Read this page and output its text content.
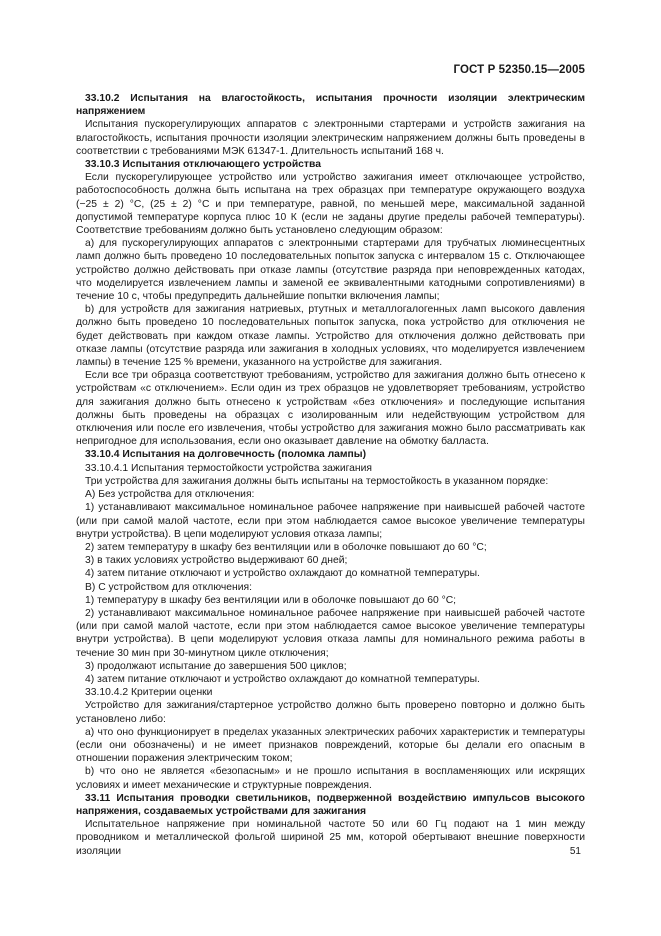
ГОСТ Р 52350.15—2005

33.10.2 Испытания на влагостойкость, испытания прочности изоляции электрическим напряжением

Испытания пускорегулирующих аппаратов с электронными стартерами и устройств зажигания на влагостойкость, испытания прочности изоляции электрическим напряжением должны быть проведены в соответствии с требованиями МЭК 61347-1. Длительность испытаний 168 ч.

33.10.3 Испытания отключающего устройства

Если пускорегулирующее устройство или устройство зажигания имеет отключающее устройство, работоспособность должна быть испытана на трех образцах при температуре окружающего воздуха (−25 ± 2) °С, (25 ± 2) °С и при температуре, равной, по меньшей мере, максимальной заданной допустимой температуре корпуса плюс 10 К (если не заданы другие пределы рабочей температуры). Соответствие требованиям должно быть установлено следующим образом:

а) для пускорегулирующих аппаратов с электронными стартерами для трубчатых люминесцентных ламп должно быть проведено 10 последовательных попыток запуска с интервалом 15 с. Отключающее устройство должно действовать при отказе лампы (отсутствие разряда при неповрежденных катодах, что моделируется извлечением лампы и заменой ее эквивалентными катодными сопротивлениями) в течение 10 с, чтобы предупредить дальнейшие попытки включения лампы;

b) для устройств для зажигания натриевых, ртутных и металлогалогенных ламп высокого давления должно быть проведено 10 последовательных попыток запуска, пока устройство для отключения не будет действовать при каждом отказе лампы. Устройство для отключения должно действовать при отказе лампы (отсутствие разряда или зажигания в холодных условиях, что моделируется извлечением лампы) в течение 125 % времени, указанного на устройстве для зажигания.

Если все три образца соответствуют требованиям, устройство для зажигания должно быть отнесено к устройствам «с отключением». Если один из трех образцов не удовлетворяет требованиям, устройство для зажигания должно быть отнесено к устройствам «без отключения» и последующие испытания должны быть проведены на образцах с изолированным или недействующим устройством для отключения или после его извлечения, чтобы устройство для зажигания можно было рассматривать как непригодное для использования, если оно оказывает давление на обмотку балласта.

33.10.4 Испытания на долговечность (поломка лампы)

33.10.4.1 Испытания термостойкости устройства зажигания

Три устройства для зажигания должны быть испытаны на термостойкость в указанном порядке:

А) Без устройства для отключения:

1) устанавливают максимальное номинальное рабочее напряжение при наивысшей рабочей частоте (или при самой малой частоте, если при этом наблюдается самое высокое увеличение температуры внутри устройства). В цепи моделируют условия отказа лампы;

2) затем температуру в шкафу без вентиляции или в оболочке повышают до 60 °С;

3) в таких условиях устройство выдерживают 60 дней;

4) затем питание отключают и устройство охлаждают до комнатной температуры.

В) С устройством для отключения:

1) температуру в шкафу без вентиляции или в оболочке повышают до 60 °С;

2) устанавливают максимальное номинальное рабочее напряжение при наивысшей рабочей частоте (или при самой малой частоте, если при этом наблюдается самое высокое увеличение температуры внутри устройства). В цепи моделируют условия отказа лампы для номинального режима работы в течение 30 мин при 30-минутном цикле отключения;

3) продолжают испытание до завершения 500 циклов;

4) затем питание отключают и устройство охлаждают до комнатной температуры.

33.10.4.2 Критерии оценки

Устройство для зажигания/стартерное устройство должно быть проверено повторно и должно быть установлено либо:

а) что оно функционирует в пределах указанных электрических рабочих характеристик и температуры (если они обозначены) и не имеет признаков повреждений, которые бы делали его опасным в отношении поражения электрическим током;

b) что оно не является «безопасным» и не прошло испытания в воспламеняющих или искрящих условиях и имеет механические и структурные повреждения.

33.11 Испытания проводки светильников, подверженной воздействию импульсов высокого напряжения, создаваемых устройствами для зажигания

Испытательное напряжение при номинальной частоте 50 или 60 Гц подают на 1 мин между проводником и металлической фольгой шириной 25 мм, которой обертывают внешние поверхности изоляции	51
